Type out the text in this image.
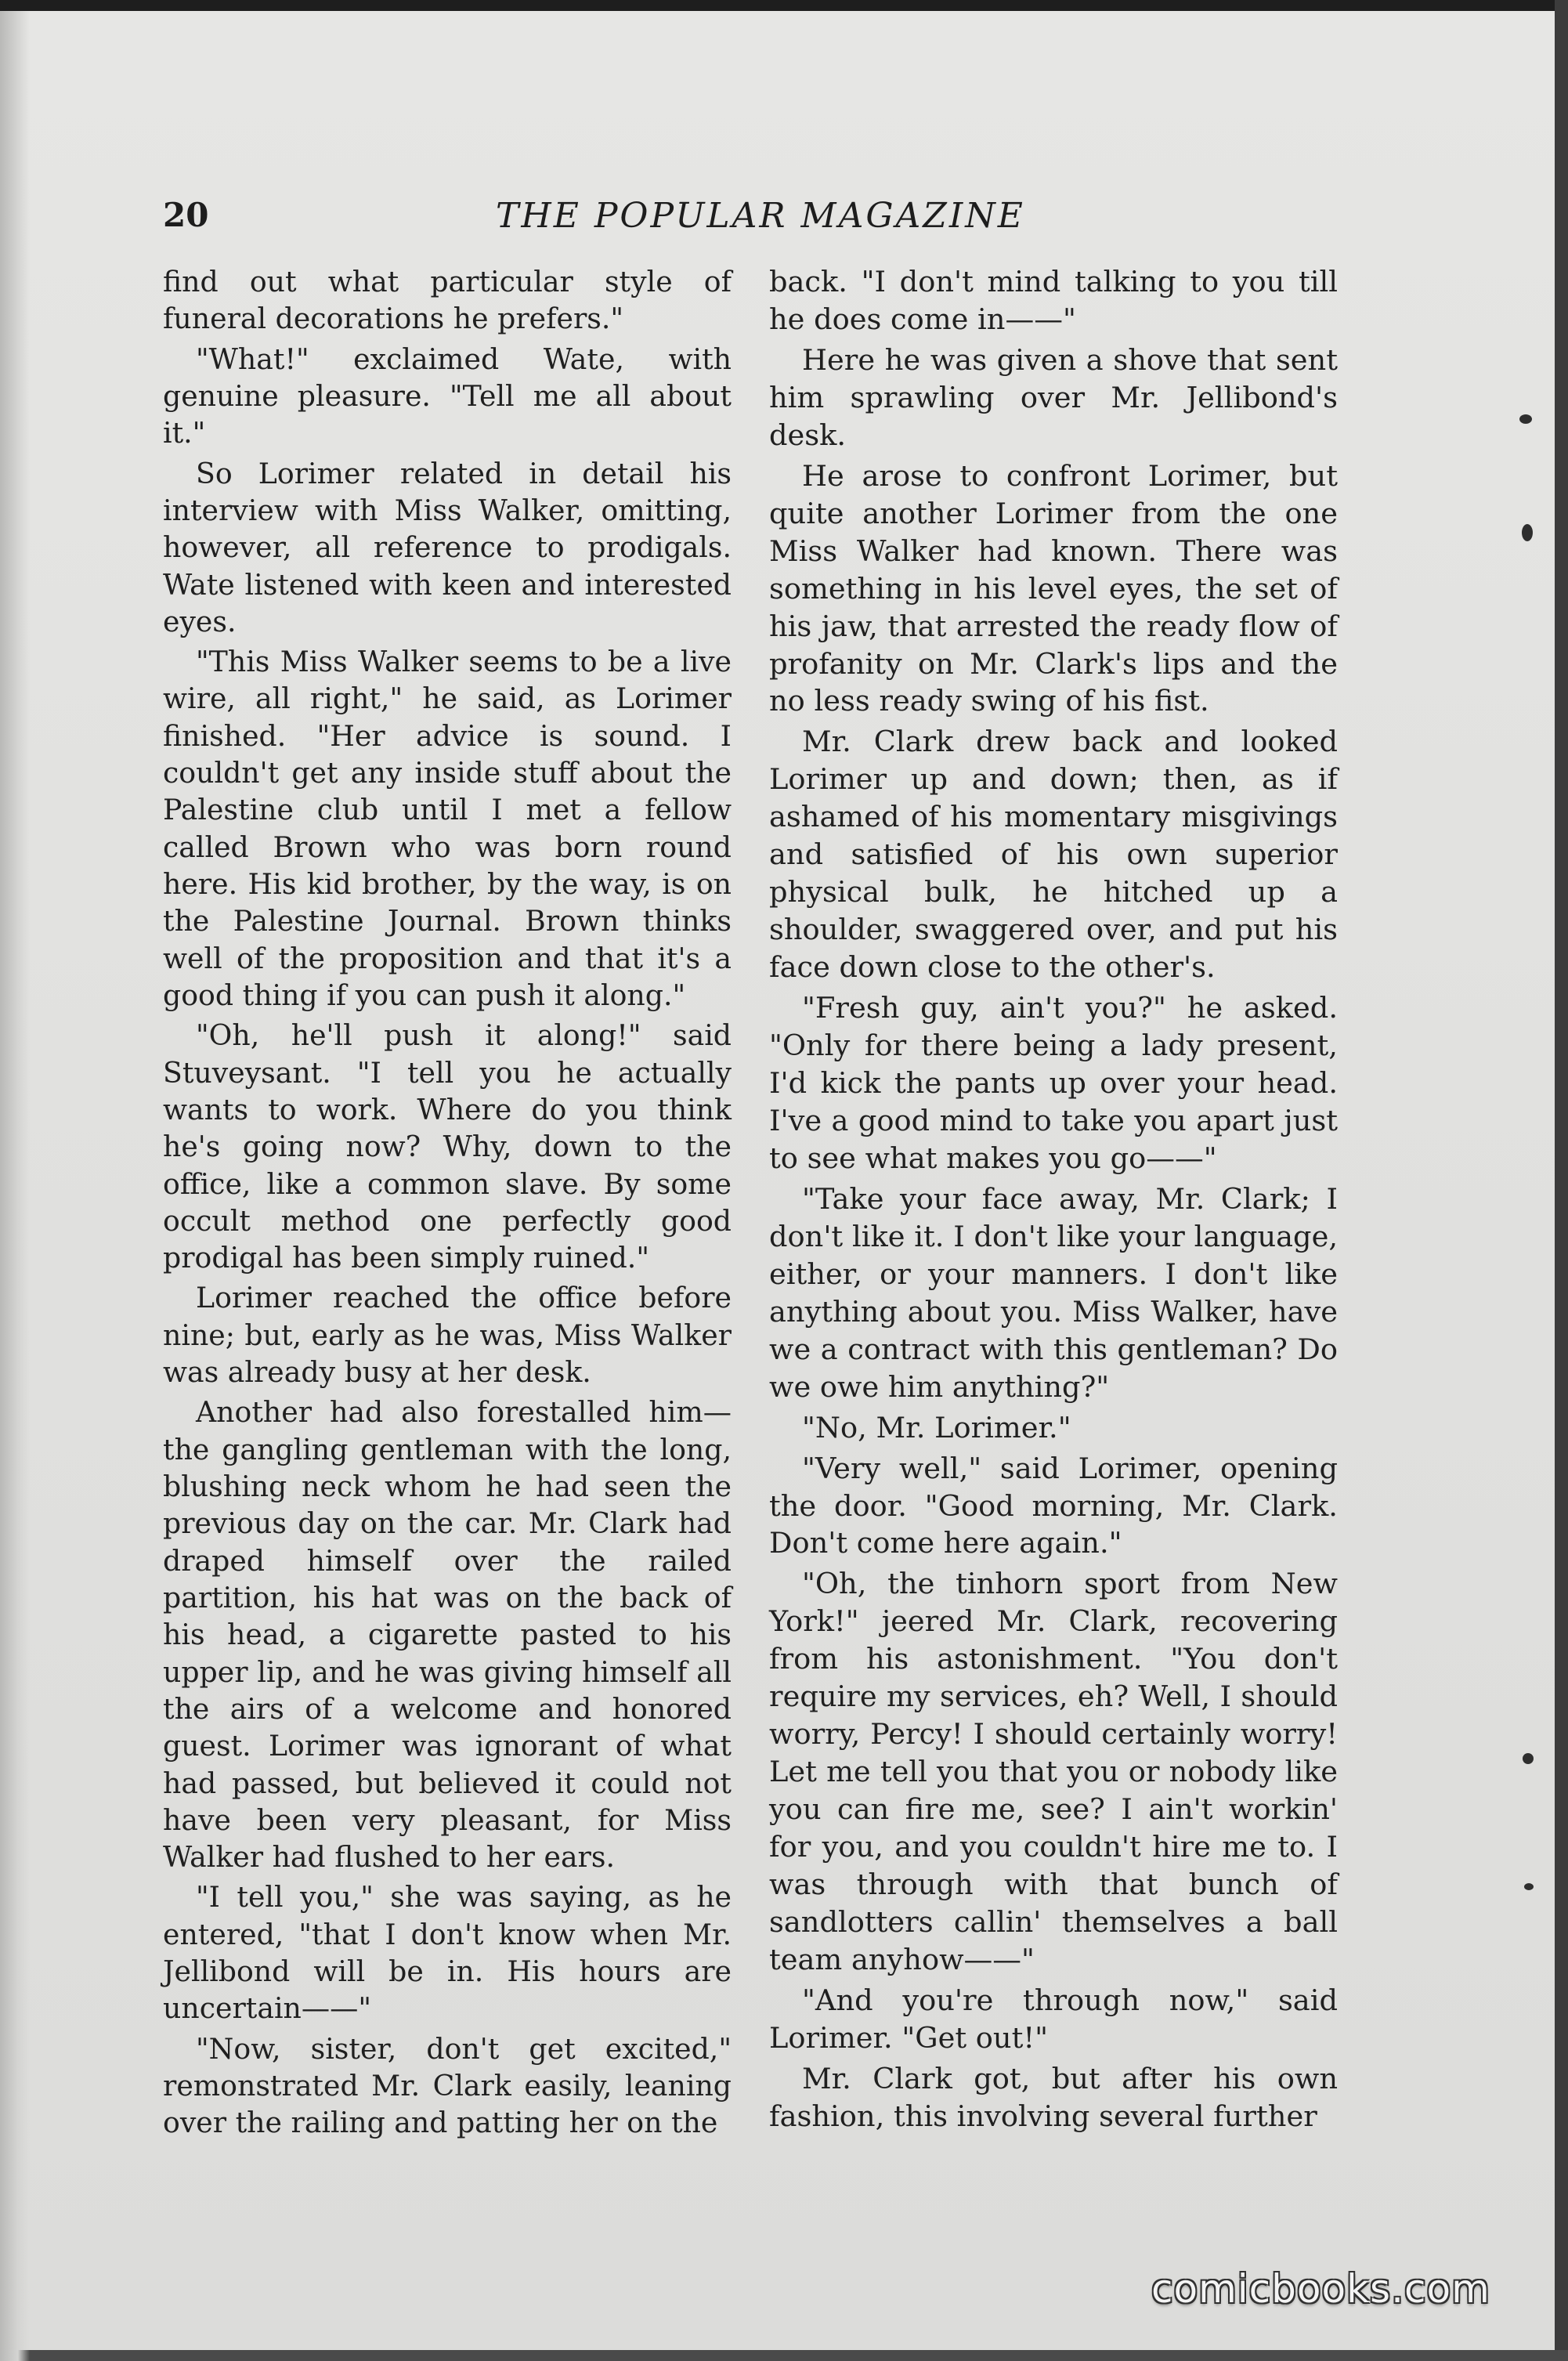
20	THE POPULAR MAGAZINE

find out what particular style of funeral decorations he prefers."

"What!" exclaimed Wate, with genuine pleasure. "Tell me all about it."

So Lorimer related in detail his interview with Miss Walker, omitting, however, all reference to prodigals. Wate listened with keen and interested eyes.

"This Miss Walker seems to be a live wire, all right," he said, as Lorimer finished. "Her advice is sound. I couldn't get any inside stuff about the Palestine club until I met a fellow called Brown who was born round here. His kid brother, by the way, is on the Palestine Journal. Brown thinks well of the proposition and that it's a good thing if you can push it along."

"Oh, he'll push it along!" said Stuveysant. "I tell you he actually wants to work. Where do you think he's going now? Why, down to the office, like a common slave. By some occult method one perfectly good prodigal has been simply ruined."

Lorimer reached the office before nine; but, early as he was, Miss Walker was already busy at her desk.

Another had also forestalled him—the gangling gentleman with the long, blushing neck whom he had seen the previous day on the car. Mr. Clark had draped himself over the railed partition, his hat was on the back of his head, a cigarette pasted to his upper lip, and he was giving himself all the airs of a welcome and honored guest. Lorimer was ignorant of what had passed, but believed it could not have been very pleasant, for Miss Walker had flushed to her ears.

"I tell you," she was saying, as he entered, "that I don't know when Mr. Jellibond will be in. His hours are uncertain——"

"Now, sister, don't get excited," remonstrated Mr. Clark easily, leaning over the railing and patting her on the

back. "I don't mind talking to you till he does come in——"

Here he was given a shove that sent him sprawling over Mr. Jellibond's desk.

He arose to confront Lorimer, but quite another Lorimer from the one Miss Walker had known. There was something in his level eyes, the set of his jaw, that arrested the ready flow of profanity on Mr. Clark's lips and the no less ready swing of his fist.

Mr. Clark drew back and looked Lorimer up and down; then, as if ashamed of his momentary misgivings and satisfied of his own superior physical bulk, he hitched up a shoulder, swaggered over, and put his face down close to the other's.

"Fresh guy, ain't you?" he asked. "Only for there being a lady present, I'd kick the pants up over your head. I've a good mind to take you apart just to see what makes you go——"

"Take your face away, Mr. Clark; I don't like it. I don't like your language, either, or your manners. I don't like anything about you. Miss Walker, have we a contract with this gentleman? Do we owe him anything?"

"No, Mr. Lorimer."

"Very well," said Lorimer, opening the door. "Good morning, Mr. Clark. Don't come here again."

"Oh, the tinhorn sport from New York!" jeered Mr. Clark, recovering from his astonishment. "You don't require my services, eh? Well, I should worry, Percy! I should certainly worry! Let me tell you that you or nobody like you can fire me, see? I ain't workin' for you, and you couldn't hire me to. I was through with that bunch of sandlotters callin' themselves a ball team anyhow——"

"And you're through now," said Lorimer. "Get out!"

Mr. Clark got, but after his own fashion, this involving several further

comicbooks.com
